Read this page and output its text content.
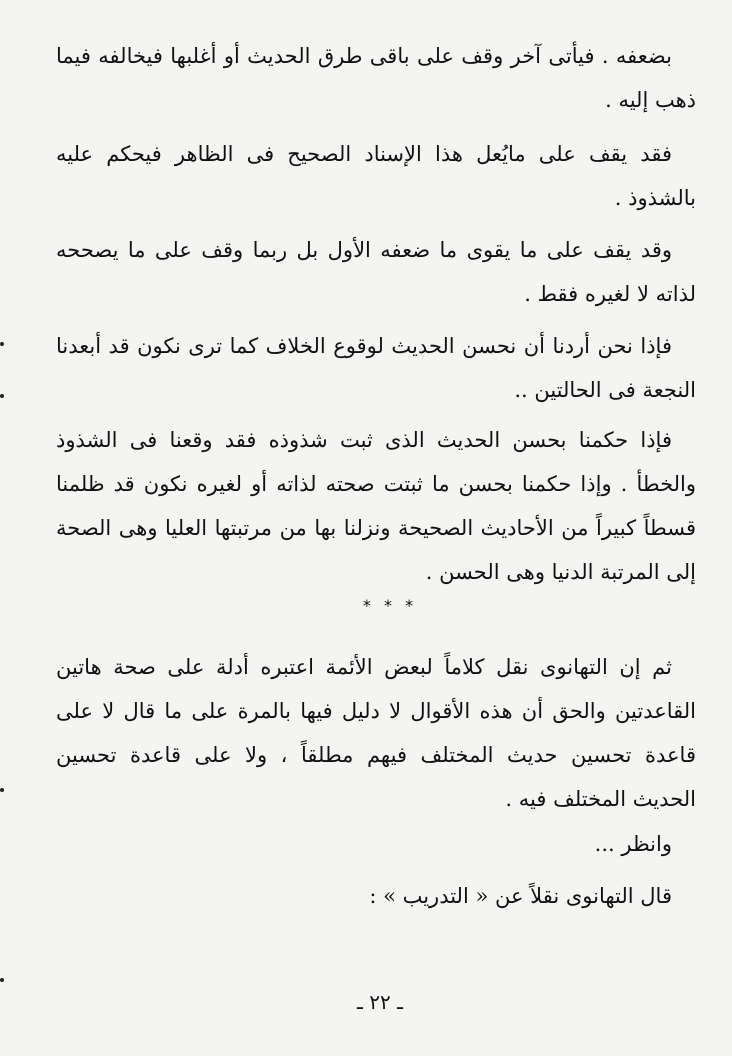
بضعفه . فيأتى آخر وقف على باقى طرق الحديث أو أغلبها فيخالفه فيما ذهب إليه .

فقد يقف على مايُعل هذا الإسناد الصحيح فى الظاهر فيحكم عليه بالشذوذ .

وقد يقف على ما يقوى ما ضعفه الأول بل ربما وقف على ما يصححه لذاته لا لغيره فقط .

فإذا نحن أردنا أن نحسن الحديث لوقوع الخلاف كما ترى نكون قد أبعدنا النجعة فى الحالتين ..

فإذا حكمنا بحسن الحديث الذى ثبت شذوذه فقد وقعنا فى الشذوذ والخطأ . وإذا حكمنا بحسن ما ثبتت صحته لذاته أو لغيره نكون قد ظلمنا قسطاً كبيراً من الأحاديث الصحيحة ونزلنا بها من مرتبتها العليا وهى الصحة إلى المرتبة الدنيا وهى الحسن .

* * *

ثم إن التهانوى نقل كلاماً لبعض الأئمة اعتبره أدلة على صحة هاتين القاعدتين والحق أن هذه الأقوال لا دليل فيها بالمرة على ما قال لا على قاعدة تحسين حديث المختلف فيهم مطلقاً ، ولا على قاعدة تحسين الحديث المختلف فيه .

وانظر ...

قال التهانوى نقلاً عن « التدريب » :

ـ ٢٢ ـ
